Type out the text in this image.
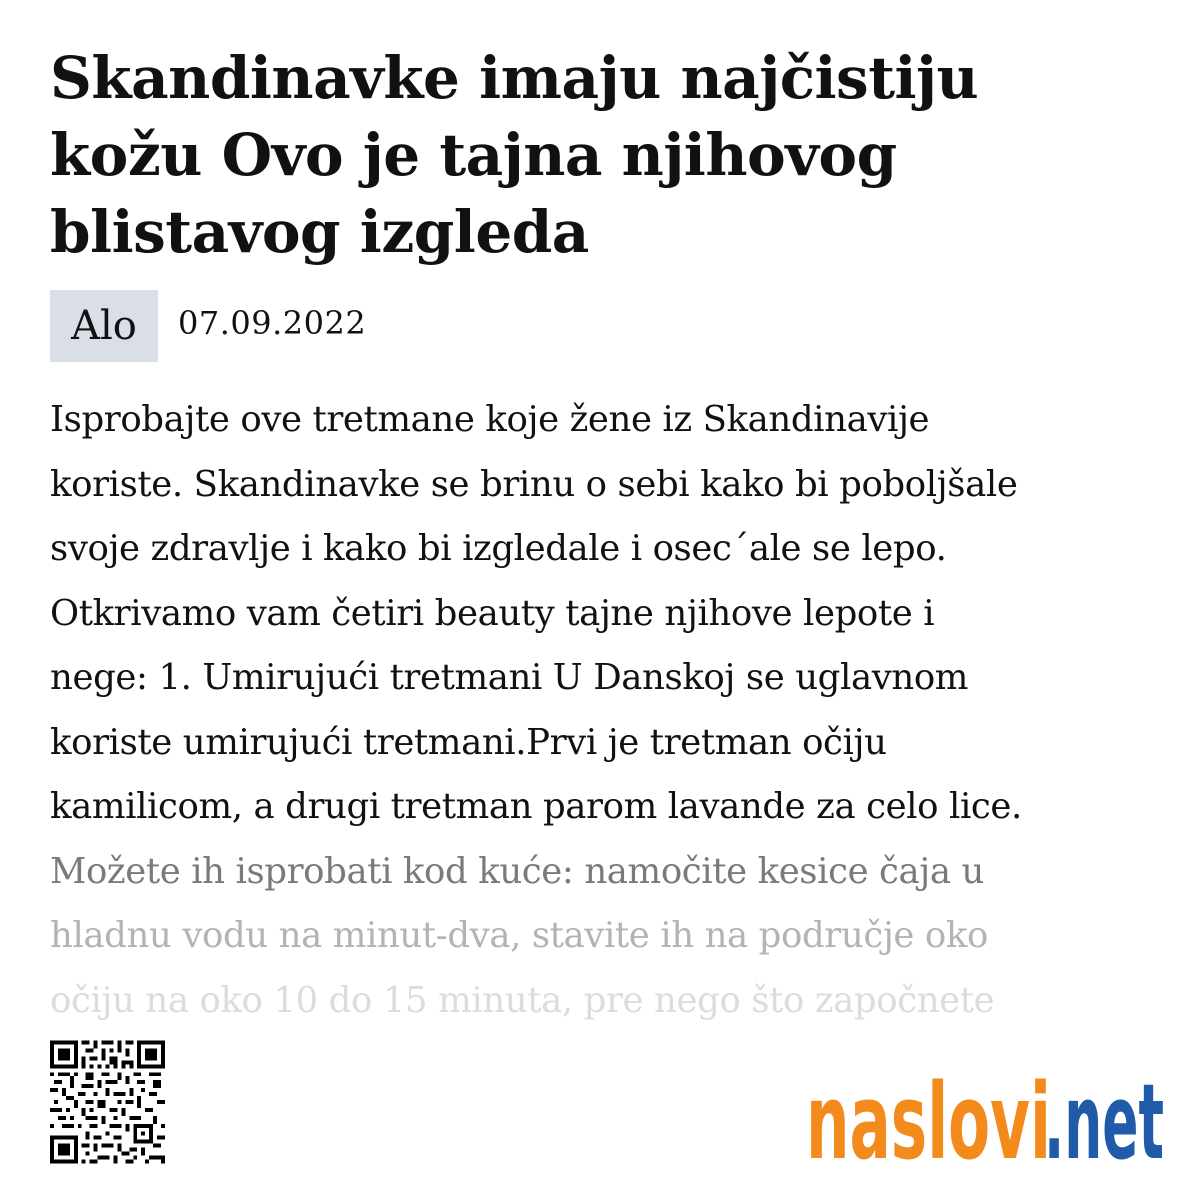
Skandinavke imaju najčistiju
kožu Ovo je tajna njihovog
blistavog izgleda
Alo	07.09.2022
Isprobajte ove tretmane koje žene iz Skandinavije
koriste. Skandinavke se brinu o sebi kako bi poboljšale
svoje zdravlje i kako bi izgledale i osec´ale se lepo.
Otkrivamo vam četiri beauty tajne njihove lepote i
nege: 1. Umirujući tretmani U Danskoj se uglavnom
koriste umirujući tretmani.Prvi je tretman očiju
kamilicom, a drugi tretman parom lavande za celo lice.
Možete ih isprobati kod kuće: namočite kesice čaja u
hladnu vodu na minut-dva, stavite ih na područje oko
očiju na oko 10 do 15 minuta, pre nego što započnete
naslovi
.net
